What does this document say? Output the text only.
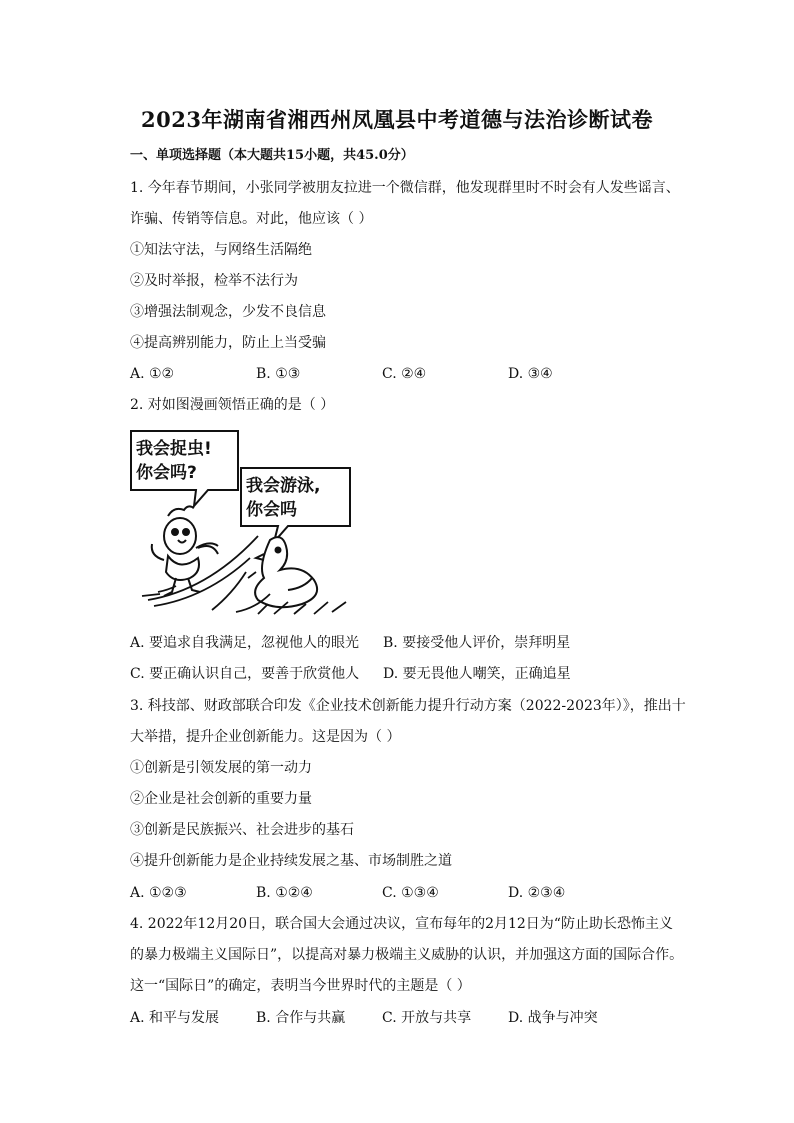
2023年湖南省湘西州凤凰县中考道德与法治诊断试卷
一、单项选择题（本大题共15小题，共45.0分）
1. 今年春节期间，小张同学被朋友拉进一个微信群，他发现群里时不时会有人发些谣言、
诈骗、传销等信息。对此，他应该（ ）
①知法守法，与网络生活隔绝
②及时举报，检举不法行为
③增强法制观念，少发不良信息
④提高辨别能力，防止上当受骗
A. ①②	B. ①③	C. ②④	D. ③④
2. 对如图漫画领悟正确的是（ ）
我会捉虫!
你会吗?
我会游泳,
你会吗
A. 要追求自我满足，忽视他人的眼光 B. 要接受他人评价，崇拜明星
C. 要正确认识自己，要善于欣赏他人 D. 要无畏他人嘲笑，正确追星
3. 科技部、财政部联合印发《企业技术创新能力提升行动方案（2022-2023年）》，推出十
大举措，提升企业创新能力。这是因为（ ）
①创新是引领发展的第一动力
②企业是社会创新的重要力量
③创新是民族振兴、社会进步的基石
④提升创新能力是企业持续发展之基、市场制胜之道
A. ①②③	B. ①②④	C. ①③④	D. ②③④
4. 2022年12月20日，联合国大会通过决议，宣布每年的2月12日为“防止助长恐怖主义
的暴力极端主义国际日”，以提高对暴力极端主义威胁的认识，并加强这方面的国际合作。
这一“国际日”的确定，表明当今世界时代的主题是（ ）
A. 和平与发展	B. 合作与共赢	C. 开放与共享	D. 战争与冲突
